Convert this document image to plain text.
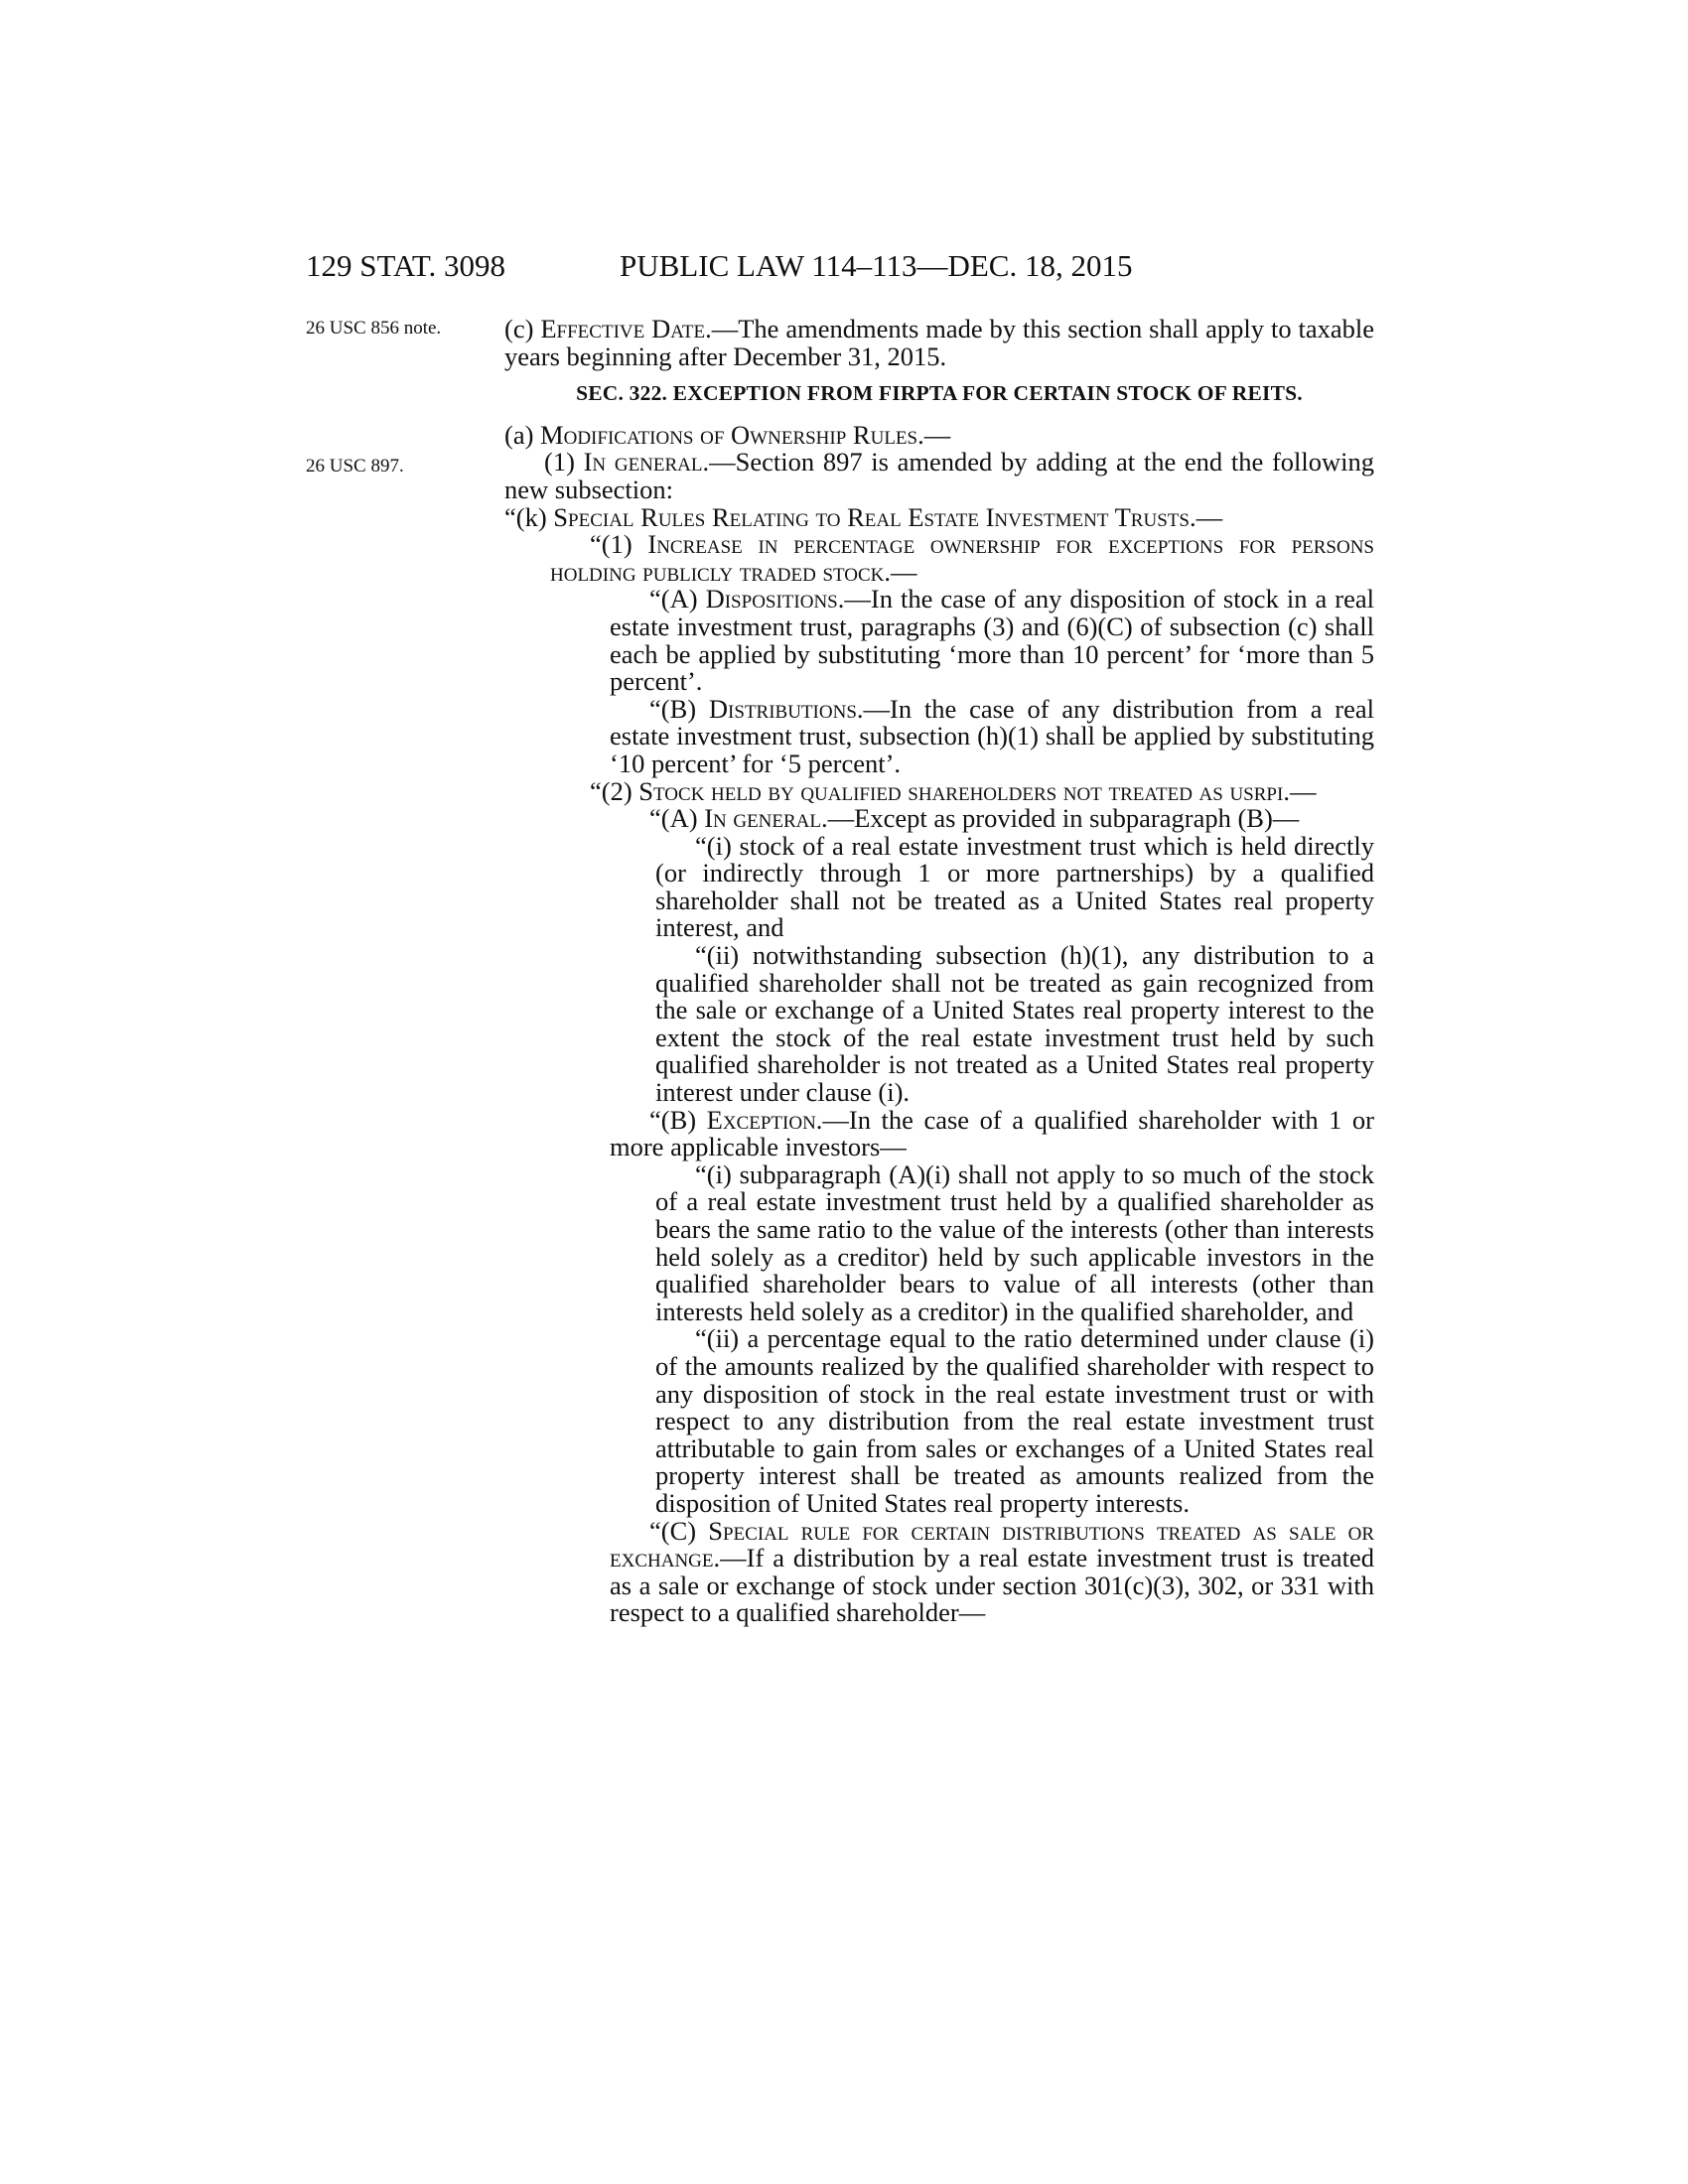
129 STAT. 3098	PUBLIC LAW 114–113—DEC. 18, 2015
26 USC 856 note.
26 USC 897.

(c) Effective Date.—The amendments made by this section shall apply to taxable years beginning after December 31, 2015.

SEC. 322. EXCEPTION FROM FIRPTA FOR CERTAIN STOCK OF REITS.

(a) Modifications of Ownership Rules.—

(1) In general.—Section 897 is amended by adding at the end the following new subsection:

“(k) Special Rules Relating to Real Estate Investment Trusts.—

“(1) Increase in percentage ownership for exceptions for persons holding publicly traded stock.—

“(A) Dispositions.—In the case of any disposition of stock in a real estate investment trust, paragraphs (3) and (6)(C) of subsection (c) shall each be applied by substituting ‘more than 10 percent’ for ‘more than 5 percent’.

“(B) Distributions.—In the case of any distribution from a real estate investment trust, subsection (h)(1) shall be applied by substituting ‘10 percent’ for ‘5 percent’.

“(2) Stock held by qualified shareholders not treated as usrpi.—

“(A) In general.—Except as provided in subparagraph (B)—

“(i) stock of a real estate investment trust which is held directly (or indirectly through 1 or more partnerships) by a qualified shareholder shall not be treated as a United States real property interest, and

“(ii) notwithstanding subsection (h)(1), any distribution to a qualified shareholder shall not be treated as gain recognized from the sale or exchange of a United States real property interest to the extent the stock of the real estate investment trust held by such qualified shareholder is not treated as a United States real property interest under clause (i).

“(B) Exception.—In the case of a qualified shareholder with 1 or more applicable investors—

“(i) subparagraph (A)(i) shall not apply to so much of the stock of a real estate investment trust held by a qualified shareholder as bears the same ratio to the value of the interests (other than interests held solely as a creditor) held by such applicable investors in the qualified shareholder bears to value of all interests (other than interests held solely as a creditor) in the qualified shareholder, and

“(ii) a percentage equal to the ratio determined under clause (i) of the amounts realized by the qualified shareholder with respect to any disposition of stock in the real estate investment trust or with respect to any distribution from the real estate investment trust attributable to gain from sales or exchanges of a United States real property interest shall be treated as amounts realized from the disposition of United States real property interests.

“(C) Special rule for certain distributions treated as sale or exchange.—If a distribution by a real estate investment trust is treated as a sale or exchange of stock under section 301(c)(3), 302, or 331 with respect to a qualified shareholder—
